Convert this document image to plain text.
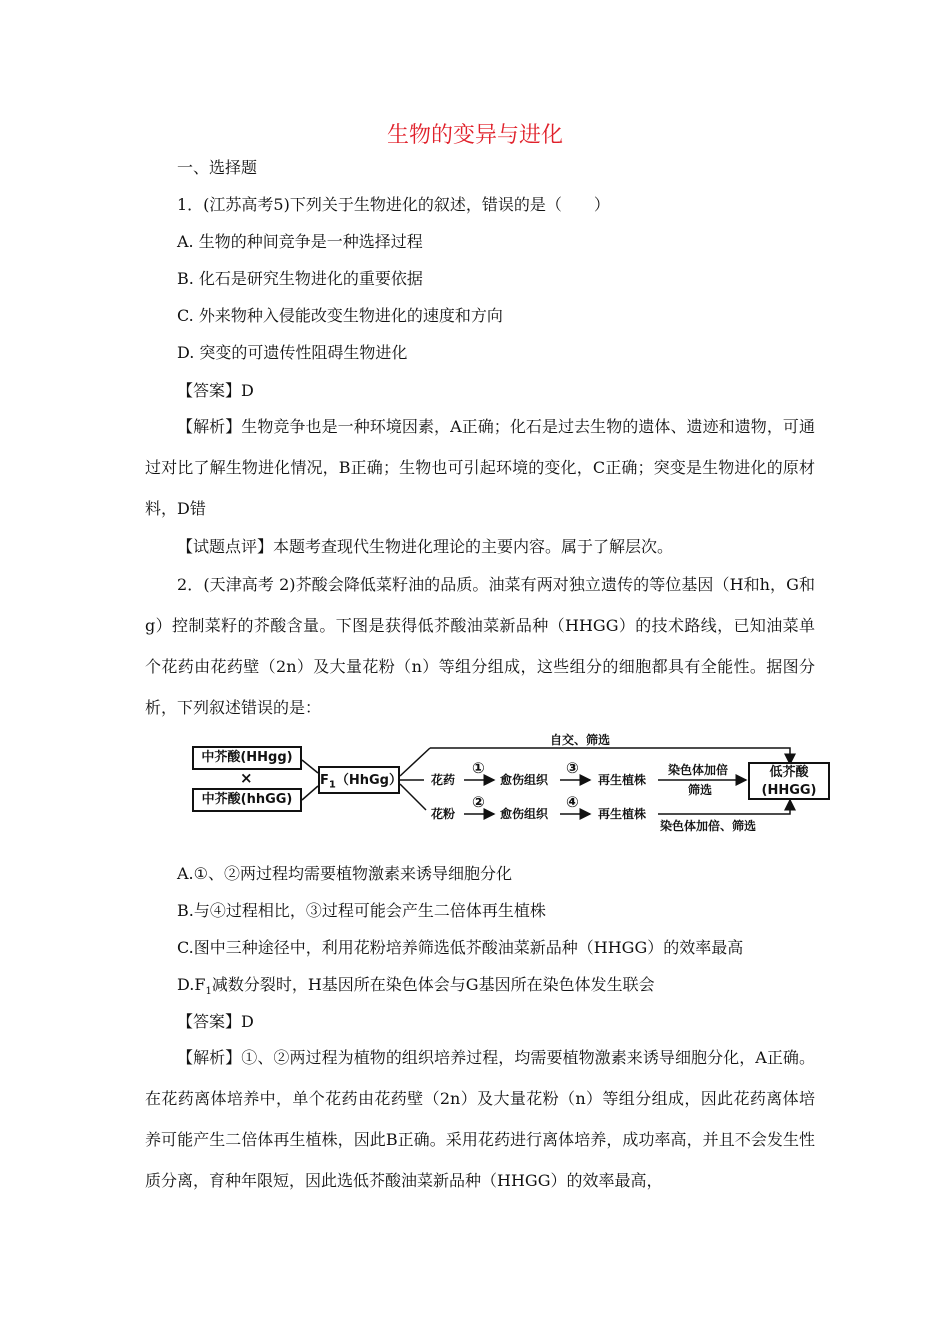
生物的变异与进化
一、选择题
1．(江苏高考5)下列关于生物进化的叙述，错误的是（　　）
A. 生物的种间竞争是一种选择过程
B. 化石是研究生物进化的重要依据
C. 外来物种入侵能改变生物进化的速度和方向
D. 突变的可遗传性阻碍生物进化
【答案】D
【解析】生物竞争也是一种环境因素，A正确；化石是过去生物的遗体、遗迹和遗物，可通过对比了解生物进化情况，B正确；生物也可引起环境的变化，C正确；突变是生物进化的原材料，D错
【试题点评】本题考查现代生物进化理论的主要内容。属于了解层次。
2．(天津高考 2)芥酸会降低菜籽油的品质。油菜有两对独立遗传的等位基因（H和h，G和g）控制菜籽的芥酸含量。下图是获得低芥酸油菜新品种（HHGG）的技术路线，已知油菜单个花药由花药壁（2n）及大量花粉（n）等组分组成，这些组分的细胞都具有全能性。据图分析，下列叙述错误的是：
中芥酸(HHgg)
×
中芥酸(hhGG)
$F_1(HhGg)$
自交、筛选
花药
①
愈伤组织
③
再生植株
染色体加倍
筛选
花粉
②
愈伤组织
④
再生植株
染色体加倍、筛选
低芥酸
(HHGG)
A.①、②两过程均需要植物激素来诱导细胞分化
B.与④过程相比，③过程可能会产生二倍体再生植株
C.图中三种途径中，利用花粉培养筛选低芥酸油菜新品种（HHGG）的效率最高
$D.F_1$减数分裂时，H基因所在染色体会与G基因所在染色体发生联会
【答案】D
【解析】①、②两过程为植物的组织培养过程，均需要植物激素来诱导细胞分化，A正确。在花药离体培养中，单个花药由花药壁（2n）及大量花粉（n）等组分组成，因此花药离体培养可能产生二倍体再生植株，因此B正确。采用花药进行离体培养，成功率高，并且不会发生性质分离，育种年限短，因此选低芥酸油菜新品种（HHGG）的效率最高，
